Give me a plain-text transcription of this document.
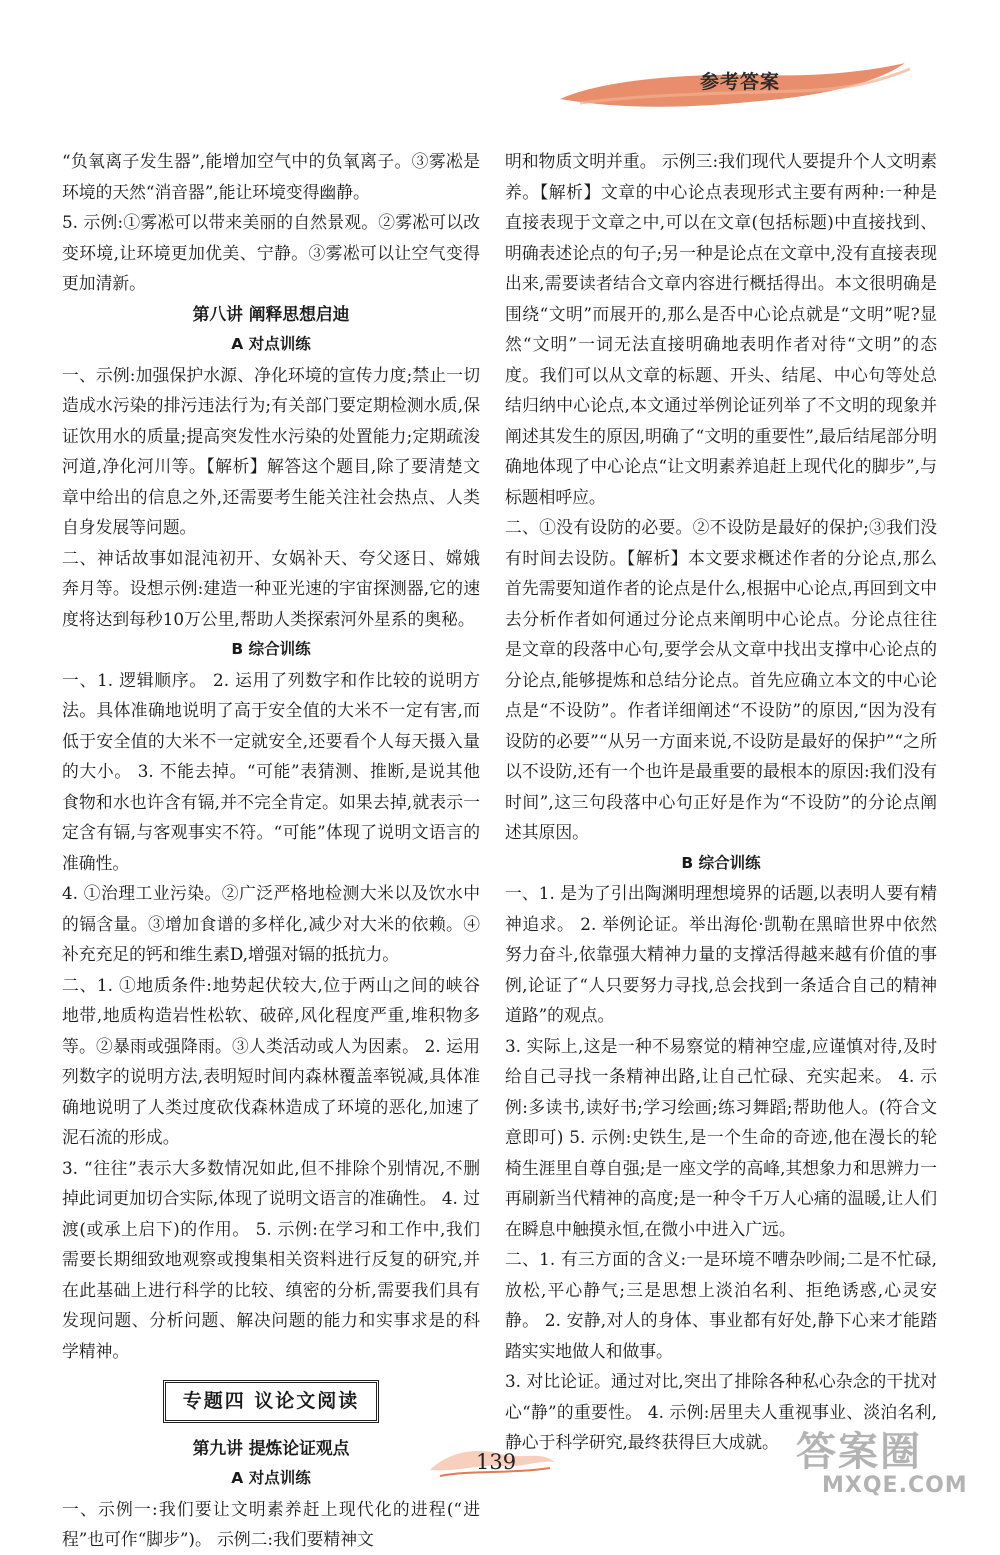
参考答案

“负氧离子发生器”,能增加空气中的负氧离子。③雾凇是环境的天然“消音器”,能让环境变得幽静。

5. 示例:①雾凇可以带来美丽的自然景观。②雾凇可以改变环境,让环境更加优美、宁静。③雾凇可以让空气变得更加清新。

第八讲 阐释思想启迪
A 对点训练

一、示例:加强保护水源、净化环境的宣传力度;禁止一切造成水污染的排污违法行为;有关部门要定期检测水质,保证饮用水的质量;提高突发性水污染的处置能力;定期疏浚河道,净化河川等。【解析】解答这个题目,除了要清楚文章中给出的信息之外,还需要考生能关注社会热点、人类自身发展等问题。

二、神话故事如混沌初开、女娲补天、夸父逐日、嫦娥奔月等。设想示例:建造一种亚光速的宇宙探测器,它的速度将达到每秒10万公里,帮助人类探索河外星系的奥秘。

B 综合训练

一、1. 逻辑顺序。 2. 运用了列数字和作比较的说明方法。具体准确地说明了高于安全值的大米不一定有害,而低于安全值的大米不一定就安全,还要看个人每天摄入量的大小。 3. 不能去掉。“可能”表猜测、推断,是说其他食物和水也许含有镉,并不完全肯定。如果去掉,就表示一定含有镉,与客观事实不符。“可能”体现了说明文语言的准确性。

4. ①治理工业污染。②广泛严格地检测大米以及饮水中的镉含量。③增加食谱的多样化,减少对大米的依赖。④补充充足的钙和维生素D,增强对镉的抵抗力。

二、1. ①地质条件:地势起伏较大,位于两山之间的峡谷地带,地质构造岩性松软、破碎,风化程度严重,堆积物多等。②暴雨或强降雨。③人类活动或人为因素。 2. 运用列数字的说明方法,表明短时间内森林覆盖率锐减,具体准确地说明了人类过度砍伐森林造成了环境的恶化,加速了泥石流的形成。

3. “往往”表示大多数情况如此,但不排除个别情况,不删掉此词更加切合实际,体现了说明文语言的准确性。 4. 过渡(或承上启下)的作用。 5. 示例:在学习和工作中,我们需要长期细致地观察或搜集相关资料进行反复的研究,并在此基础上进行科学的比较、缜密的分析,需要我们具有发现问题、分析问题、解决问题的能力和实事求是的科学精神。

专题四 议论文阅读
第九讲 提炼论证观点
A 对点训练

一、示例一:我们要让文明素养赶上现代化的进程(“进程”也可作“脚步”)。 示例二:我们要精神文

明和物质文明并重。 示例三:我们现代人要提升个人文明素养。【解析】文章的中心论点表现形式主要有两种:一种是直接表现于文章之中,可以在文章(包括标题)中直接找到、明确表述论点的句子;另一种是论点在文章中,没有直接表现出来,需要读者结合文章内容进行概括得出。本文很明确是围绕“文明”而展开的,那么是否中心论点就是“文明”呢?显然“文明”一词无法直接明确地表明作者对待“文明”的态度。我们可以从文章的标题、开头、结尾、中心句等处总结归纳中心论点,本文通过举例论证列举了不文明的现象并阐述其发生的原因,明确了“文明的重要性”,最后结尾部分明确地体现了中心论点“让文明素养追赶上现代化的脚步”,与标题相呼应。

二、①没有设防的必要。②不设防是最好的保护;③我们没有时间去设防。【解析】本文要求概述作者的分论点,那么首先需要知道作者的论点是什么,根据中心论点,再回到文中去分析作者如何通过分论点来阐明中心论点。分论点往往是文章的段落中心句,要学会从文章中找出支撑中心论点的分论点,能够提炼和总结分论点。首先应确立本文的中心论点是“不设防”。作者详细阐述“不设防”的原因,“因为没有设防的必要”“从另一方面来说,不设防是最好的保护”“之所以不设防,还有一个也许是最重要的最根本的原因:我们没有时间”,这三句段落中心句正好是作为“不设防”的分论点阐述其原因。

B 综合训练

一、1. 是为了引出陶渊明理想境界的话题,以表明人要有精神追求。 2. 举例论证。举出海伦·凯勒在黑暗世界中依然努力奋斗,依靠强大精神力量的支撑活得越来越有价值的事例,论证了“人只要努力寻找,总会找到一条适合自己的精神道路”的观点。

3. 实际上,这是一种不易察觉的精神空虚,应谨慎对待,及时给自己寻找一条精神出路,让自己忙碌、充实起来。 4. 示例:多读书,读好书;学习绘画;练习舞蹈;帮助他人。(符合文意即可) 5. 示例:史铁生,是一个生命的奇迹,他在漫长的轮椅生涯里自尊自强;是一座文学的高峰,其想象力和思辨力一再刷新当代精神的高度;是一种令千万人心痛的温暖,让人们在瞬息中触摸永恒,在微小中进入广远。

二、1. 有三方面的含义:一是环境不嘈杂吵闹;二是不忙碌,放松,平心静气;三是思想上淡泊名利、拒绝诱惑,心灵安静。 2. 安静,对人的身体、事业都有好处,静下心来才能踏踏实实地做人和做事。

3. 对比论证。通过对比,突出了排除各种私心杂念的干扰对心“静”的重要性。 4. 示例:居里夫人重视事业、淡泊名利,静心于科学研究,最终获得巨大成就。

139	答案圈
MXQE.COM
